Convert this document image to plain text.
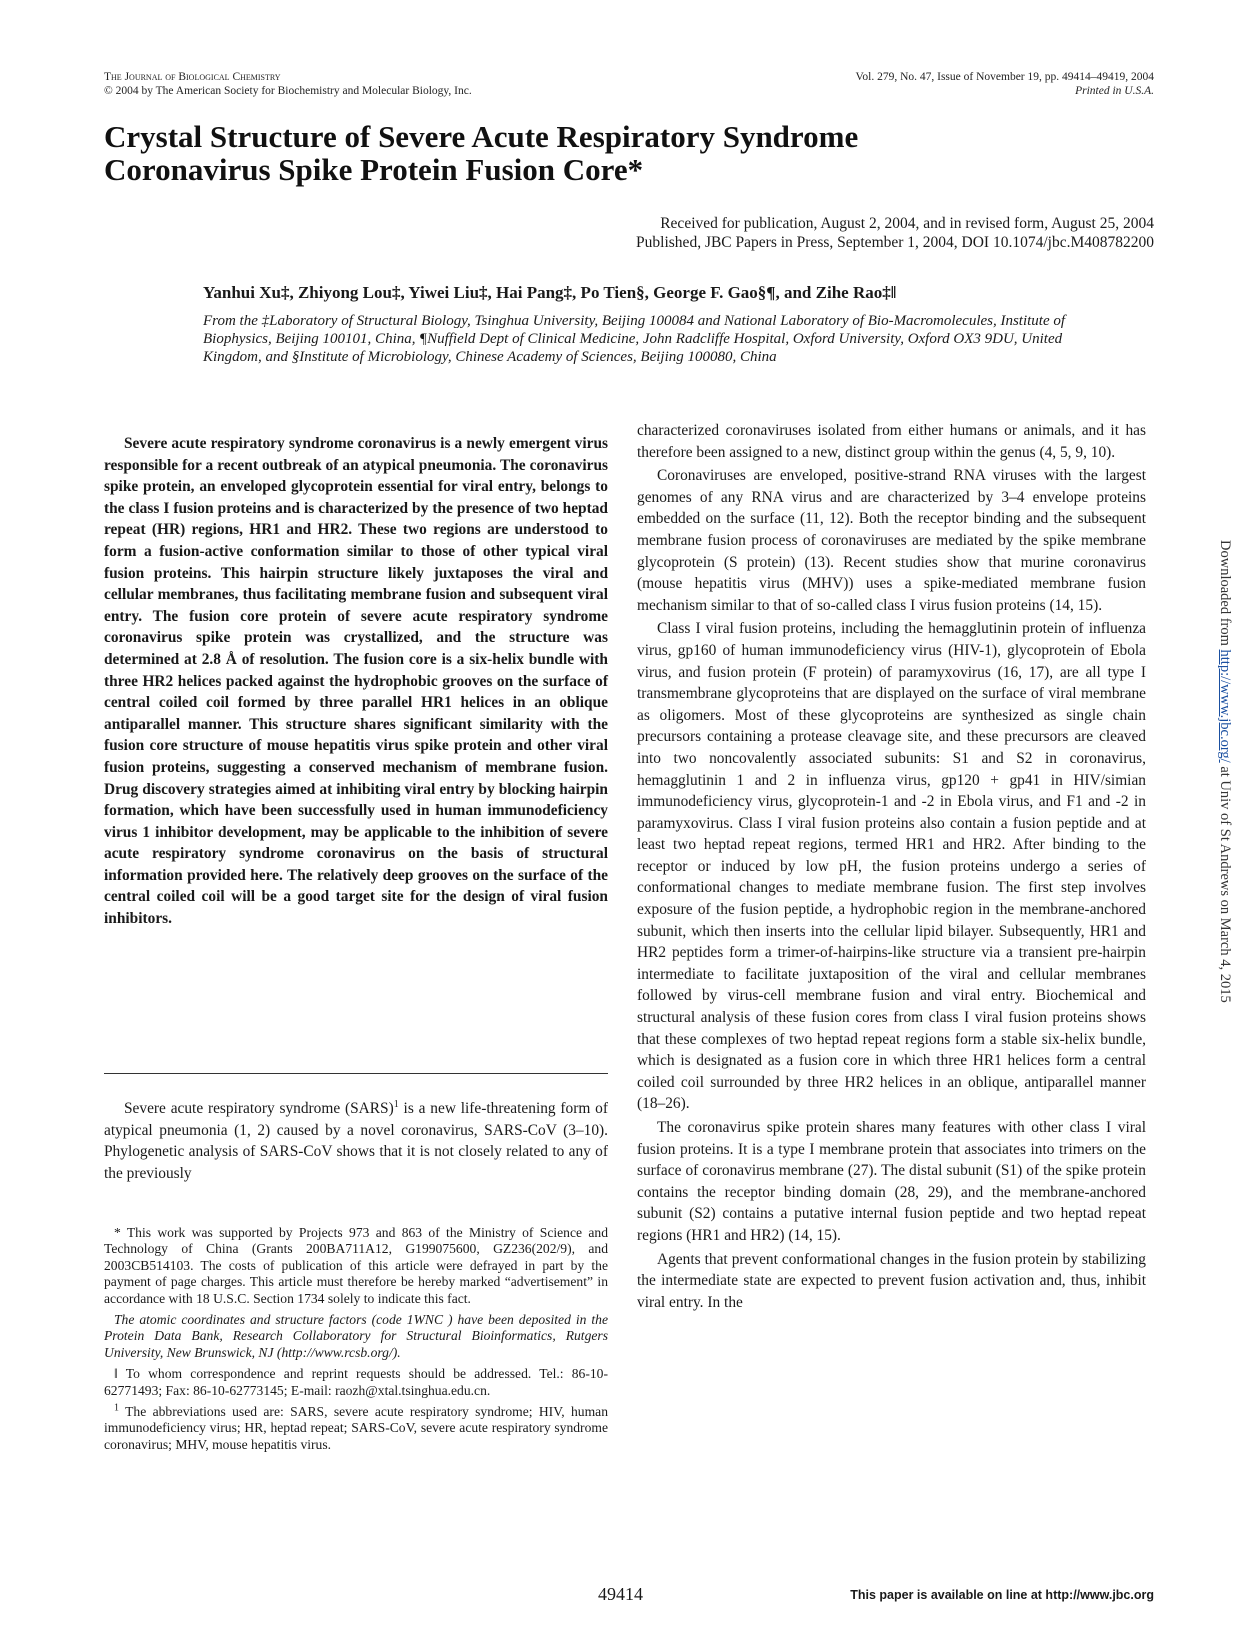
The Journal of Biological Chemistry
© 2004 by The American Society for Biochemistry and Molecular Biology, Inc.
Vol. 279, No. 47, Issue of November 19, pp. 49414–49419, 2004
Printed in U.S.A.
Crystal Structure of Severe Acute Respiratory Syndrome Coronavirus Spike Protein Fusion Core*
Received for publication, August 2, 2004, and in revised form, August 25, 2004
Published, JBC Papers in Press, September 1, 2004, DOI 10.1074/jbc.M408782200
Yanhui Xu‡, Zhiyong Lou‡, Yiwei Liu‡, Hai Pang‡, Po Tien§, George F. Gao§¶, and Zihe Rao‡‖
From the ‡Laboratory of Structural Biology, Tsinghua University, Beijing 100084 and National Laboratory of Bio-Macromolecules, Institute of Biophysics, Beijing 100101, China, ¶Nuffield Dept of Clinical Medicine, John Radcliffe Hospital, Oxford University, Oxford OX3 9DU, United Kingdom, and §Institute of Microbiology, Chinese Academy of Sciences, Beijing 100080, China
Severe acute respiratory syndrome coronavirus is a newly emergent virus responsible for a recent outbreak of an atypical pneumonia. The coronavirus spike protein, an enveloped glycoprotein essential for viral entry, belongs to the class I fusion proteins and is characterized by the presence of two heptad repeat (HR) regions, HR1 and HR2. These two regions are understood to form a fusion-active conformation similar to those of other typical viral fusion proteins. This hairpin structure likely juxtaposes the viral and cellular membranes, thus facilitating membrane fusion and subsequent viral entry. The fusion core protein of severe acute respiratory syndrome coronavirus spike protein was crystallized, and the structure was determined at 2.8 Å of resolution. The fusion core is a six-helix bundle with three HR2 helices packed against the hydrophobic grooves on the surface of central coiled coil formed by three parallel HR1 helices in an oblique antiparallel manner. This structure shares significant similarity with the fusion core structure of mouse hepatitis virus spike protein and other viral fusion proteins, suggesting a conserved mechanism of membrane fusion. Drug discovery strategies aimed at inhibiting viral entry by blocking hairpin formation, which have been successfully used in human immunodeficiency virus 1 inhibitor development, may be applicable to the inhibition of severe acute respiratory syndrome coronavirus on the basis of structural information provided here. The relatively deep grooves on the surface of the central coiled coil will be a good target site for the design of viral fusion inhibitors.
Severe acute respiratory syndrome (SARS)$^1$ is a new life-threatening form of atypical pneumonia (1, 2) caused by a novel coronavirus, SARS-CoV (3–10). Phylogenetic analysis of SARS-CoV shows that it is not closely related to any of the previously

* This work was supported by Projects 973 and 863 of the Ministry of Science and Technology of China (Grants 200BA711A12, G199075600, GZ236(202/9), and 2003CB514103. The costs of publication of this article were defrayed in part by the payment of page charges. This article must therefore be hereby marked “advertisement” in accordance with 18 U.S.C. Section 1734 solely to indicate this fact.

The atomic coordinates and structure factors (code 1WNC ) have been deposited in the Protein Data Bank, Research Collaboratory for Structural Bioinformatics, Rutgers University, New Brunswick, NJ (http://www.rcsb.org/).

‖ To whom correspondence and reprint requests should be addressed. Tel.: 86-10-62771493; Fax: 86-10-62773145; E-mail: raozh@xtal.tsinghua.edu.cn.

$^1$ The abbreviations used are: SARS, severe acute respiratory syndrome; HIV, human immunodeficiency virus; HR, heptad repeat; SARS-CoV, severe acute respiratory syndrome coronavirus; MHV, mouse hepatitis virus.

characterized coronaviruses isolated from either humans or animals, and it has therefore been assigned to a new, distinct group within the genus (4, 5, 9, 10).

Coronaviruses are enveloped, positive-strand RNA viruses with the largest genomes of any RNA virus and are characterized by 3–4 envelope proteins embedded on the surface (11, 12). Both the receptor binding and the subsequent membrane fusion process of coronaviruses are mediated by the spike membrane glycoprotein (S protein) (13). Recent studies show that murine coronavirus (mouse hepatitis virus (MHV)) uses a spike-mediated membrane fusion mechanism similar to that of so-called class I virus fusion proteins (14, 15).

Class I viral fusion proteins, including the hemagglutinin protein of influenza virus, gp160 of human immunodeficiency virus (HIV-1), glycoprotein of Ebola virus, and fusion protein (F protein) of paramyxovirus (16, 17), are all type I transmembrane glycoproteins that are displayed on the surface of viral membrane as oligomers. Most of these glycoproteins are synthesized as single chain precursors containing a protease cleavage site, and these precursors are cleaved into two noncovalently associated subunits: S1 and S2 in coronavirus, hemagglutinin 1 and 2 in influenza virus, gp120 + gp41 in HIV/simian immunodeficiency virus, glycoprotein-1 and -2 in Ebola virus, and F1 and -2 in paramyxovirus. Class I viral fusion proteins also contain a fusion peptide and at least two heptad repeat regions, termed HR1 and HR2. After binding to the receptor or induced by low pH, the fusion proteins undergo a series of conformational changes to mediate membrane fusion. The first step involves exposure of the fusion peptide, a hydrophobic region in the membrane-anchored subunit, which then inserts into the cellular lipid bilayer. Subsequently, HR1 and HR2 peptides form a trimer-of-hairpins-like structure via a transient pre-hairpin intermediate to facilitate juxtaposition of the viral and cellular membranes followed by virus-cell membrane fusion and viral entry. Biochemical and structural analysis of these fusion cores from class I viral fusion proteins shows that these complexes of two heptad repeat regions form a stable six-helix bundle, which is designated as a fusion core in which three HR1 helices form a central coiled coil surrounded by three HR2 helices in an oblique, antiparallel manner (18–26).

The coronavirus spike protein shares many features with other class I viral fusion proteins. It is a type I membrane protein that associates into trimers on the surface of coronavirus membrane (27). The distal subunit (S1) of the spike protein contains the receptor binding domain (28, 29), and the membrane-anchored subunit (S2) contains a putative internal fusion peptide and two heptad repeat regions (HR1 and HR2) (14, 15).

Agents that prevent conformational changes in the fusion protein by stabilizing the intermediate state are expected to prevent fusion activation and, thus, inhibit viral entry. In the

49414	This paper is available on line at http://www.jbc.org
Downloaded from http://www.jbc.org/ at Univ of St Andrews on March 4, 2015
